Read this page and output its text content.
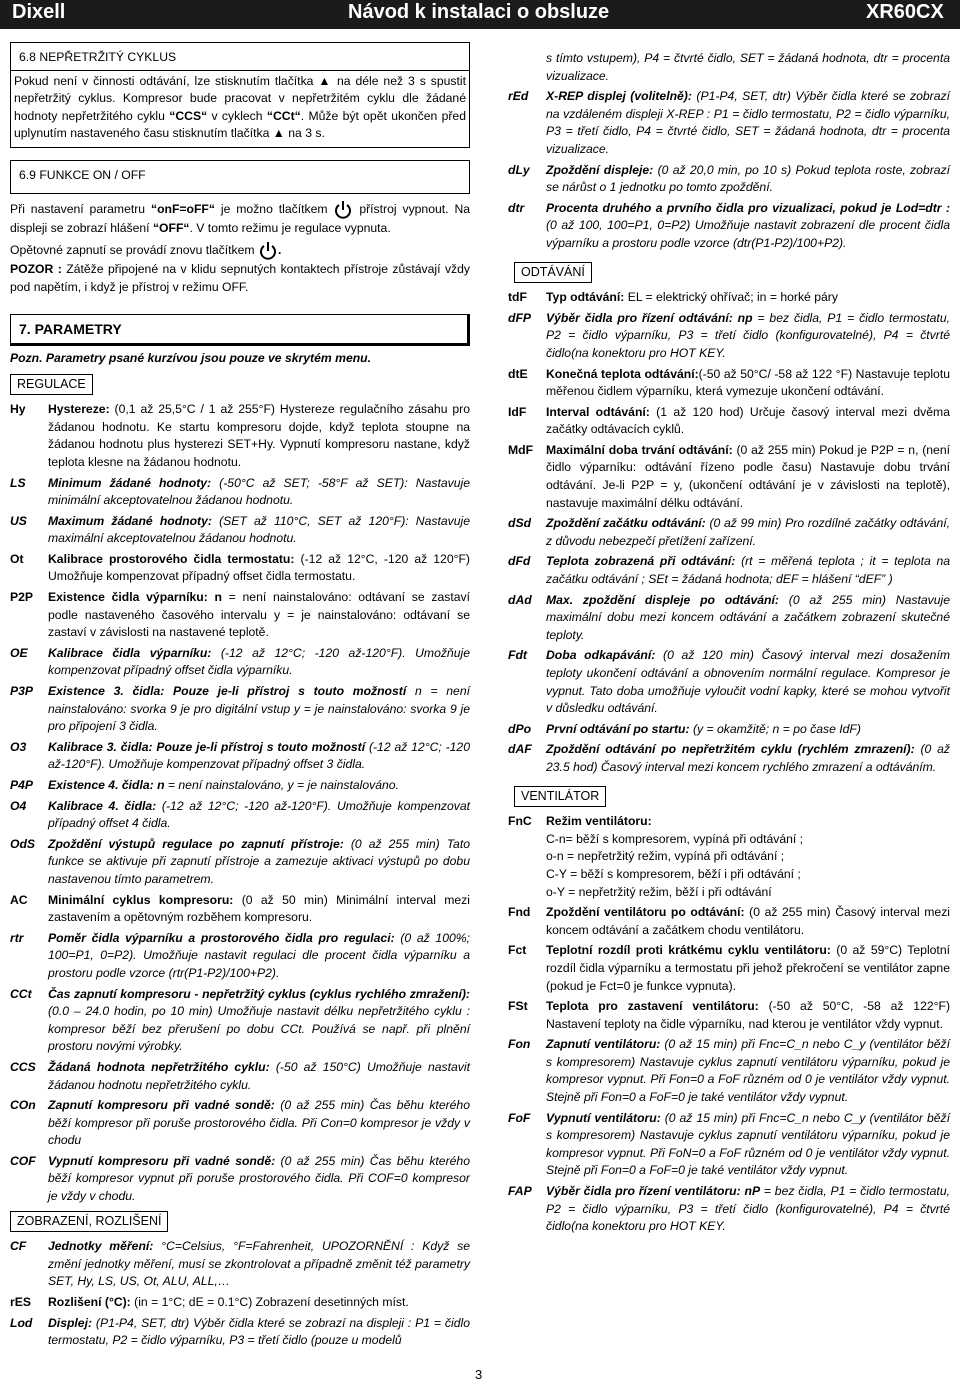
Dixell	Návod k instalaci o obsluze	XR60CX
6.8 NEPŘETRŽITÝ CYKLUS
Pokud není v činnosti odtávání, lze stisknutím tlačítka ▲ na déle než 3 s spustit nepřetržitý cyklus. Kompresor bude pracovat v nepřetržitém cyklu dle žádané hodnoty nepřetržitého cyklu “CCS“ v cyklech “CCt“. Může být opět ukončen před uplynutím nastaveného času stisknutím tlačítka ▲ na 3 s.
6.9 FUNKCE ON / OFF
Při nastavení parametru “onF=oFF“ je možno tlačítkem	přístroj vypnout. Na displeji se zobrazí hlášení “OFF“. V tomto režimu je regulace vypnuta.
Opětovné zapnutí se provádí znovu tlačítkem .
POZOR : Zátěže připojené na v klidu sepnutých kontaktech přístroje zůstávají vždy pod napětím, i když je přístroj v režimu OFF.
7. PARAMETRY
Pozn. Parametry psané kurzívou jsou pouze ve skrytém menu.
REGULACE
Hy	Hystereze: (0,1 až 25,5°C / 1 až 255°F) Hystereze regulačního zásahu pro žádanou hodnotu. Ke startu kompresoru dojde, když teplota stoupne na žádanou hodnotu plus hysterezi SET+Hy. Vypnutí kompresoru nastane, když teplota klesne na žádanou hodnotu.
LS	Minimum žádané hodnoty: (-50°C až SET; -58°F až SET): Nastavuje minimální akceptovatelnou žádanou hodnotu.
US	Maximum žádané hodnoty: (SET až 110°C, SET až 120°F): Nastavuje maximální akceptovatelnou žádanou hodnotu.
Ot	Kalibrace prostorového čidla termostatu: (-12 až 12°C, -120 až 120°F) Umožňuje kompenzovat případný offset čidla termostatu.
P2P	Existence čidla výparníku: n = není nainstalováno: odtávaní se zastaví podle nastaveného časového intervalu y = je nainstalováno: odtávaní se zastaví v závislosti na nastavené teplotě.
OE	Kalibrace čidla výparníku: (-12 až 12°C; -120 až-120°F). Umožňuje kompenzovat případný offset čidla výparníku.
P3P	Existence 3. čidla: Pouze je-li přístroj s touto možností n = není nainstalováno: svorka 9 je pro digitální vstup y = je nainstalováno: svorka 9 je pro připojení 3 čidla.
O3	Kalibrace 3. čidla: Pouze je-li přístroj s touto možností (-12 až 12°C; -120 až-120°F). Umožňuje kompenzovat případný offset 3 čidla.
P4P	Existence 4. čidla: n = není nainstalováno, y = je nainstalováno.
O4	Kalibrace 4. čidla: (-12 až 12°C; -120 až-120°F). Umožňuje kompenzovat případný offset 4 čidla.
OdS	Zpoždění výstupů regulace po zapnutí přístroje: (0 až 255 min) Tato funkce se aktivuje při zapnutí přístroje a zamezuje aktivaci výstupů po dobu nastavenou tímto parametrem.
AC	Minimální cyklus kompresoru: (0 až 50 min) Minimální interval mezi zastavením a opětovným rozběhem kompresoru.
rtr	Poměr čidla výparníku a prostorového čidla pro regulaci: (0 až 100%; 100=P1, 0=P2). Umožňuje nastavit regulaci dle procent čidla výparníku a prostoru podle vzorce (rtr(P1-P2)/100+P2).
CCt	Čas zapnutí kompresoru - nepřetržitý cyklus (cyklus rychlého zmražení): (0.0 – 24.0 hodin, po 10 min) Umožňuje nastavit délku nepřetržitého cyklu : kompresor běží bez přerušení po dobu CCt. Používá se např. při plnění prostoru novými výrobky.
CCS	Žádaná hodnota nepřetržitého cyklu: (-50 až 150°C) Umožňuje nastavit žádanou hodnotu nepřetržitého cyklu.
COn	Zapnutí kompresoru při vadné sondě: (0 až 255 min) Čas běhu kterého běží kompresor při poruše prostorového čidla. Při Con=0 kompresor je vždy v chodu
COF	Vypnutí kompresoru při vadné sondě: (0 až 255 min) Čas běhu kterého běží kompresor vypnut při poruše prostorového čidla. Při COF=0 kompresor je vždy v chodu.
ZOBRAZENÍ, ROZLIŠENÍ
CF	Jednotky měření: °C=Celsius, °F=Fahrenheit, UPOZORNĚNÍ : Když se změní jednotky měření, musí se zkontrolovat a případně změnit též parametry SET, Hy, LS, US, Ot, ALU, ALL,…
rES	Rozlišení (°C): (in = 1°C; dE = 0.1°C) Zobrazení desetinných míst.
Lod	Displej: (P1-P4, SET, dtr) Výběr čidla které se zobrazí na displeji : P1 = čidlo termostatu, P2 = čidlo výparníku, P3 = třetí čidlo (pouze u modelů
s tímto vstupem), P4 = čtvrté čidlo, SET = žádaná hodnota, dtr = procenta vizualizace.
rEd	X-REP displej (volitelně): (P1-P4, SET, dtr) Výběr čidla které se zobrazí na vzdáleném displeji X-REP : P1 = čidlo termostatu, P2 = čidlo výparníku, P3 = třetí čidlo, P4 = čtvrté čidlo, SET = žádaná hodnota, dtr = procenta vizualizace.
dLy	Zpoždění displeje: (0 až 20,0 min, po 10 s) Pokud teplota roste, zobrazí se nárůst o 1 jednotku po tomto zpoždění.
dtr	Procenta druhého a prvního čidla pro vizualizaci, pokud je Lod=dtr : (0 až 100, 100=P1, 0=P2) Umožňuje nastavit zobrazení dle procent čidla výparníku a prostoru podle vzorce (dtr(P1-P2)/100+P2).
ODTÁVÁNÍ
tdF	Typ odtávání: EL = elektrický ohřívač; in = horké páry
dFP	Výběr čidla pro řízení odtávání: np = bez čidla, P1 = čidlo termostatu, P2 = čidlo výparníku, P3 = třetí čidlo (konfigurovatelné), P4 = čtvrté čidlo(na konektoru pro HOT KEY.
dtE	Konečná teplota odtávání:(-50 až 50°C/ -58 až 122 °F) Nastavuje teplotu měřenou čidlem výparníku, která vymezuje ukončení odtávání.
IdF	Interval odtávání: (1 až 120 hod) Určuje časový interval mezi dvěma začátky odtávacích cyklů.
MdF	Maximální doba trvání odtávání: (0 až 255 min) Pokud je P2P = n, (není čidlo výparníku: odtávání řízeno podle času) Nastavuje dobu trvání odtávání. Je-li P2P = y, (ukončení odtávání je v závislosti na teplotě), nastavuje maximální délku odtávání.
dSd	Zpoždění začátku odtávání: (0 až 99 min) Pro rozdílné začátky odtávání, z důvodu nebezpečí přetížení zařízení.
dFd	Teplota zobrazená při odtávání: (rt = měřená teplota ; it = teplota na začátku odtávání ; SEt = žádaná hodnota; dEF = hlášení “dEF” )
dAd	Max. zpoždění displeje po odtávání: (0 až 255 min) Nastavuje maximální dobu mezi koncem odtávání a začátkem zobrazení skutečné teploty.
Fdt	Doba odkapávání: (0 až 120 min) Časový interval mezi dosažením teploty ukončení odtávání a obnovením normální regulace. Kompresor je vypnut. Tato doba umožňuje vyloučit vodní kapky, které se mohou vytvořit v důsledku odtávání.
dPo	První odtávání po startu: (y = okamžitě; n = po čase IdF)
dAF	Zpoždění odtávání po nepřetržitém cyklu (rychlém zmrazení): (0 až 23.5 hod) Časový interval mezi koncem rychlého zmrazení a odtáváním.
VENTILÁTOR
FnC	Režim ventilátoru:
C-n= běží s kompresorem, vypíná při odtávání ;
o-n = nepřetržitý režim, vypíná při odtávání ;
C-Y = běží s kompresorem, běží i při odtávání ;
o-Y = nepřetržitý režim, běží i při odtávání
Fnd	Zpoždění ventilátoru po odtávání: (0 až 255 min) Časový interval mezi koncem odtávání a začátkem chodu ventilátoru.
Fct	Teplotní rozdíl proti krátkému cyklu ventilátoru: (0 až 59°C) Teplotní rozdíl čidla výparníku a termostatu při jehož překročení se ventilátor zapne (pokud je Fct=0 je funkce vypnuta).
FSt	Teplota pro zastavení ventilátoru: (-50 až 50°C, -58 až 122°F) Nastavení teploty na čidle výparníku, nad kterou je ventilátor vždy vypnut.
Fon	Zapnutí ventilátoru: (0 až 15 min) při Fnc=C_n nebo C_y (ventilátor běží s kompresorem) Nastavuje cyklus zapnutí ventilátoru výparníku, pokud je kompresor vypnut. Při Fon=0 a FoF různém od 0 je ventilátor vždy vypnut. Stejně při Fon=0 a FoF=0 je také ventilátor vždy vypnut.
FoF	Vypnutí ventilátoru: (0 až 15 min) při Fnc=C_n nebo C_y (ventilátor běží s kompresorem) Nastavuje cyklus zapnutí ventilátoru výparníku, pokud je kompresor vypnut. Při FoN=0 a FoF různém od 0 je ventilátor vždy vypnut. Stejně při Fon=0 a FoF=0 je také ventilátor vždy vypnut.
FAP	Výběr čidla pro řízení ventilátoru: nP = bez čidla, P1 = čidlo termostatu, P2 = čidlo výparníku, P3 = třetí čidlo (konfigurovatelné), P4 = čtvrté čidlo(na konektoru pro HOT KEY.
3
